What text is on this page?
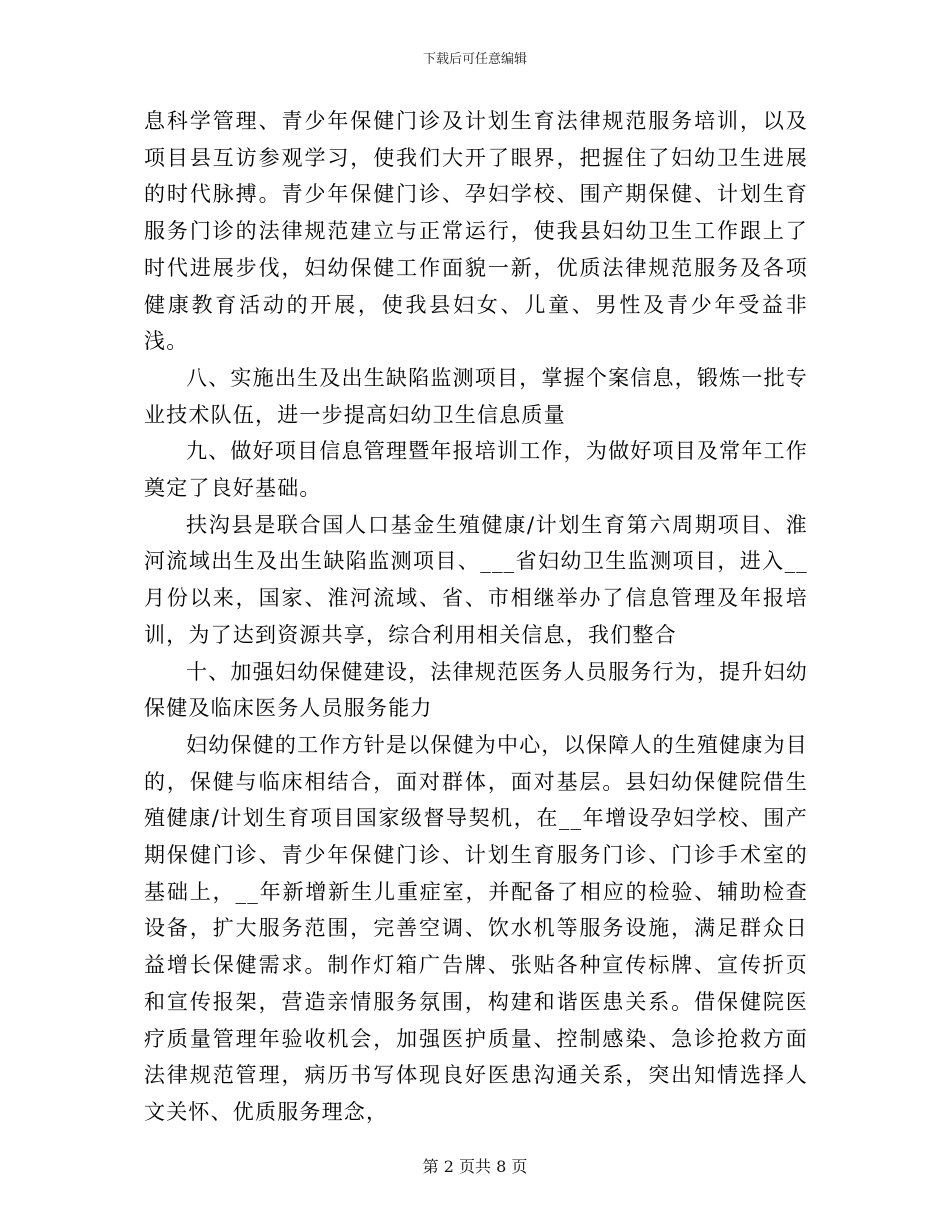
下载后可任意编辑

息科学管理、青少年保健门诊及计划生育法律规范服务培训，以及项目县互访参观学习，使我们大开了眼界，把握住了妇幼卫生进展的时代脉搏。青少年保健门诊、孕妇学校、围产期保健、计划生育服务门诊的法律规范建立与正常运行，使我县妇幼卫生工作跟上了时代进展步伐，妇幼保健工作面貌一新，优质法律规范服务及各项健康教育活动的开展，使我县妇女、儿童、男性及青少年受益非浅。

八、实施出生及出生缺陷监测项目，掌握个案信息，锻炼一批专业技术队伍，进一步提高妇幼卫生信息质量

九、做好项目信息管理暨年报培训工作，为做好项目及常年工作奠定了良好基础。

扶沟县是联合国人口基金生殖健康/计划生育第六周期项目、淮河流域出生及出生缺陷监测项目、___省妇幼卫生监测项目，进入__月份以来，国家、淮河流域、省、市相继举办了信息管理及年报培训，为了达到资源共享，综合利用相关信息，我们整合

十、加强妇幼保健建设，法律规范医务人员服务行为，提升妇幼保健及临床医务人员服务能力

妇幼保健的工作方针是以保健为中心，以保障人的生殖健康为目的，保健与临床相结合，面对群体，面对基层。县妇幼保健院借生殖健康/计划生育项目国家级督导契机，在__年增设孕妇学校、围产期保健门诊、青少年保健门诊、计划生育服务门诊、门诊手术室的基础上，__年新增新生儿重症室，并配备了相应的检验、辅助检查设备，扩大服务范围，完善空调、饮水机等服务设施，满足群众日益增长保健需求。制作灯箱广告牌、张贴各种宣传标牌、宣传折页和宣传报架，营造亲情服务氛围，构建和谐医患关系。借保健院医疗质量管理年验收机会，加强医护质量、控制感染、急诊抢救方面法律规范管理，病历书写体现良好医患沟通关系，突出知情选择人文关怀、优质服务理念，

第 2 页共 8 页
